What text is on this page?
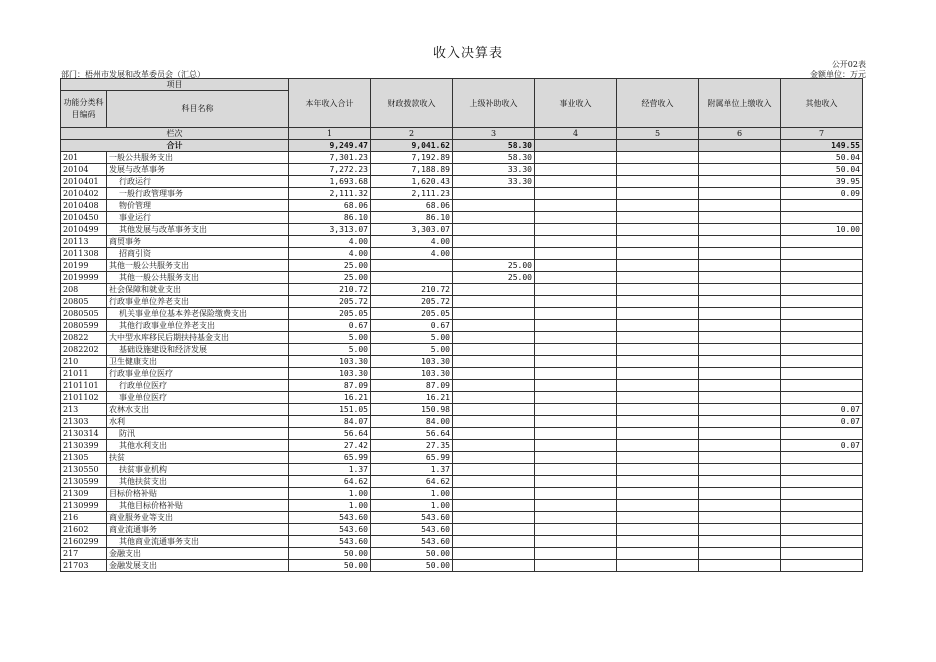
收入决算表
公开02表
金额单位：万元
部门：梧州市发展和改革委员会（汇总）
项目		本年收入合计	财政拨款收入	上级补助收入	事业收入	经营收入	附属单位上缴收入	其他收入
功能分类科目编码	科目名称							
栏次		1	2	3	4	5	6	7
合计		9,249.47	9,041.62	58.30				149.55
201	一般公共服务支出	7,301.23	7,192.89	58.30				50.04
20104	发展与改革事务	7,272.23	7,188.89	33.30				50.04
2010401	行政运行	1,693.68	1,620.43	33.30				39.95
2010402	一般行政管理事务	2,111.32	2,111.23					0.09
2010408	物价管理	68.06	68.06					
2010450	事业运行	86.10	86.10					
2010499	其他发展与改革事务支出	3,313.07	3,303.07					10.00
20113	商贸事务	4.00	4.00					
2011308	招商引资	4.00	4.00					
20199	其他一般公共服务支出	25.00		25.00				
2019999	其他一般公共服务支出	25.00		25.00				
208	社会保障和就业支出	210.72	210.72					
20805	行政事业单位养老支出	205.72	205.72					
2080505	机关事业单位基本养老保险缴费支出	205.05	205.05					
2080599	其他行政事业单位养老支出	0.67	0.67					
20822	大中型水库移民后期扶持基金支出	5.00	5.00					
2082202	基础设施建设和经济发展	5.00	5.00					
210	卫生健康支出	103.30	103.30					
21011	行政事业单位医疗	103.30	103.30					
2101101	行政单位医疗	87.09	87.09					
2101102	事业单位医疗	16.21	16.21					
213	农林水支出	151.05	150.98					0.07
21303	水利	84.07	84.00					0.07
2130314	防汛	56.64	56.64					
2130399	其他水利支出	27.42	27.35					0.07
21305	扶贫	65.99	65.99					
2130550	扶贫事业机构	1.37	1.37					
2130599	其他扶贫支出	64.62	64.62					
21309	目标价格补贴	1.00	1.00					
2130999	其他目标价格补贴	1.00	1.00					
216	商业服务业等支出	543.60	543.60					
21602	商业流通事务	543.60	543.60					
2160299	其他商业流通事务支出	543.60	543.60					
217	金融支出	50.00	50.00					
21703	金融发展支出	50.00	50.00					
